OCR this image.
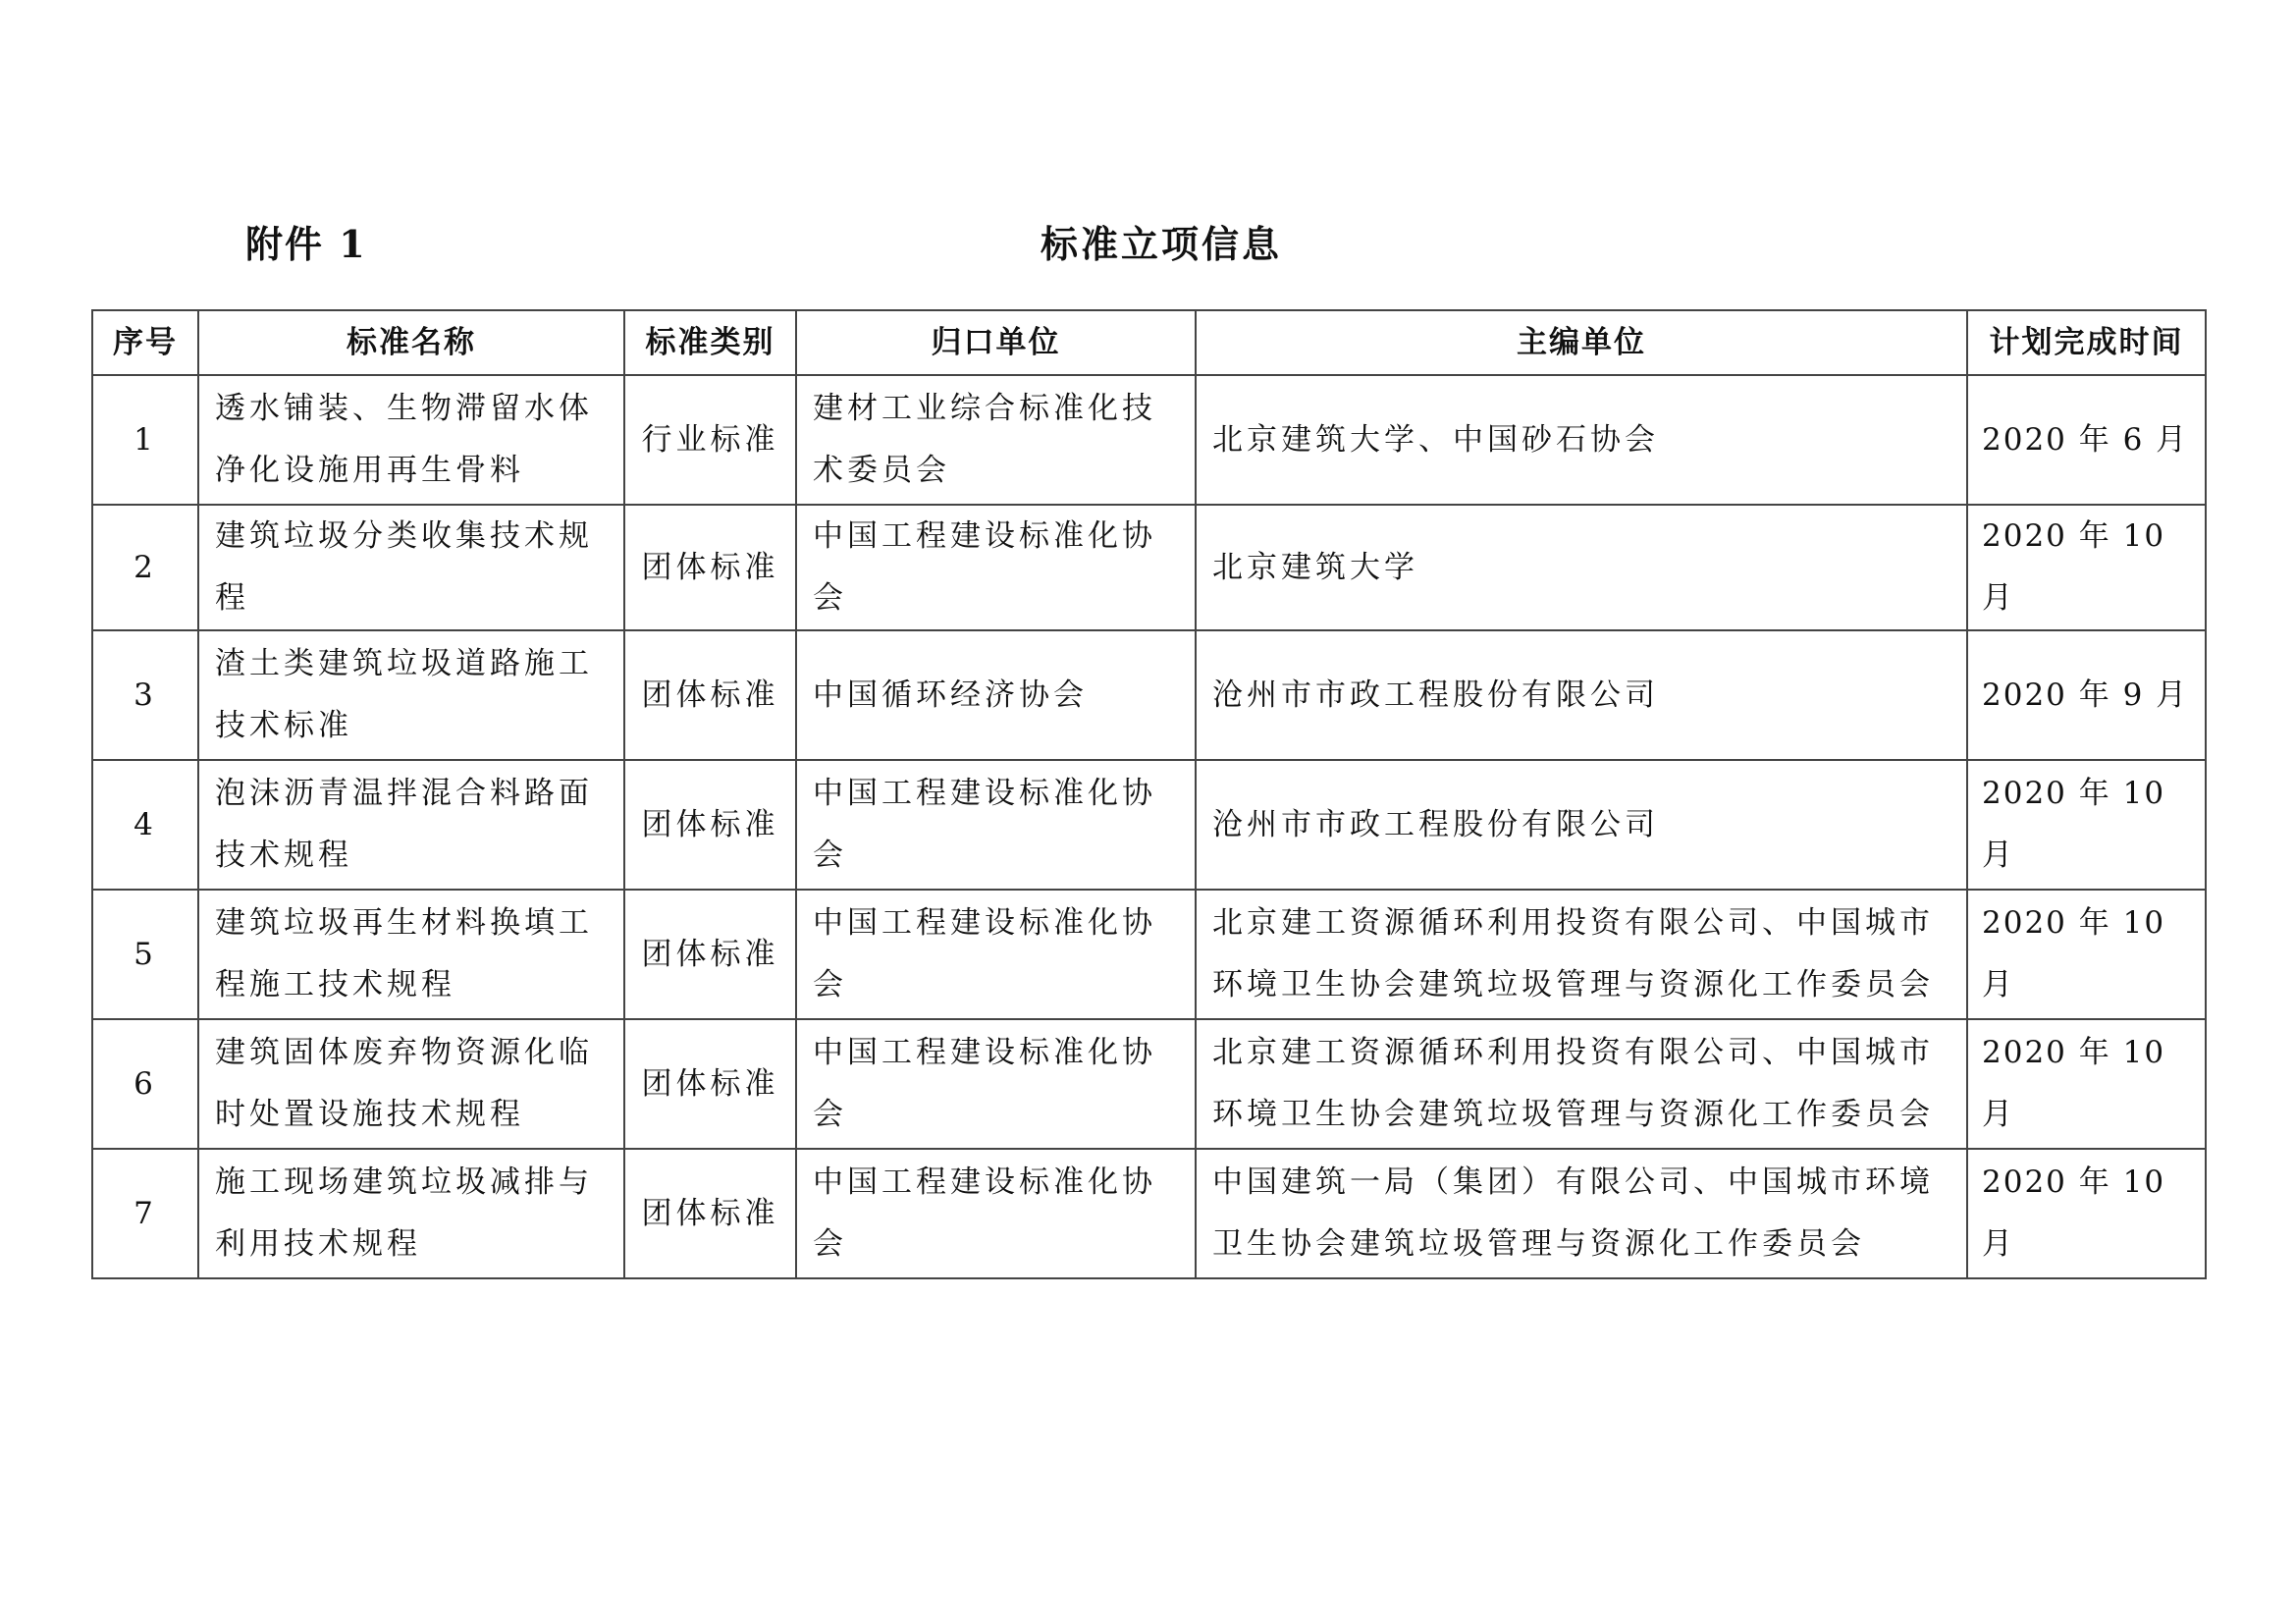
附件 1	标准立项信息
序号	标准名称	标准类别	归口单位	主编单位	计划完成时间
1	透水铺装、生物滞留水体净化设施用再生骨料	行业标准	建材工业综合标准化技术委员会	北京建筑大学、中国砂石协会	2020 年 6 月
2	建筑垃圾分类收集技术规程	团体标准	中国工程建设标准化协会	北京建筑大学	2020 年 10 月
3	渣土类建筑垃圾道路施工技术标准	团体标准	中国循环经济协会	沧州市市政工程股份有限公司	2020 年 9 月
4	泡沫沥青温拌混合料路面技术规程	团体标准	中国工程建设标准化协会	沧州市市政工程股份有限公司	2020 年 10 月
5	建筑垃圾再生材料换填工程施工技术规程	团体标准	中国工程建设标准化协会	北京建工资源循环利用投资有限公司、中国城市环境卫生协会建筑垃圾管理与资源化工作委员会	2020 年 10 月
6	建筑固体废弃物资源化临时处置设施技术规程	团体标准	中国工程建设标准化协会	北京建工资源循环利用投资有限公司、中国城市环境卫生协会建筑垃圾管理与资源化工作委员会	2020 年 10 月
7	施工现场建筑垃圾减排与利用技术规程	团体标准	中国工程建设标准化协会	中国建筑一局（集团）有限公司、中国城市环境卫生协会建筑垃圾管理与资源化工作委员会	2020 年 10 月
